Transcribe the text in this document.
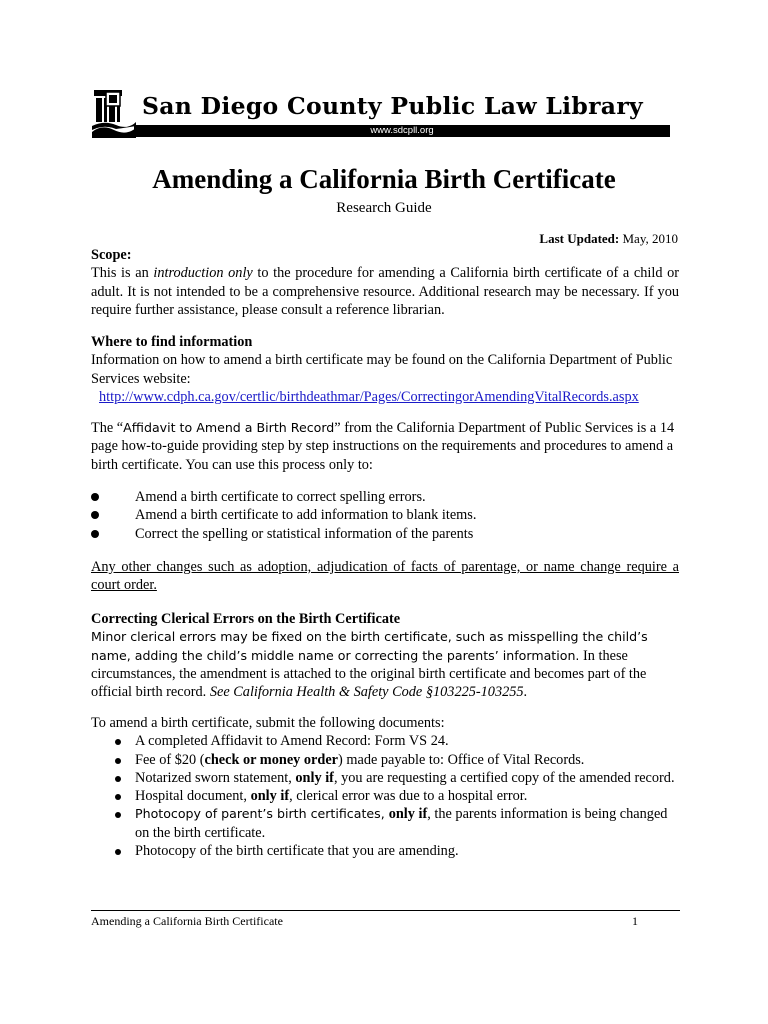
San Diego County Public Law Library
www.sdcpll.org
Amending a California Birth Certificate
Research Guide
Last Updated: May, 2010

Scope:

This is an introduction only to the procedure for amending a California birth certificate of a child or adult. It is not intended to be a comprehensive resource. Additional research may be necessary. If you require further assistance, please consult a reference librarian.

Where to find information

Information on how to amend a birth certificate may be found on the California Department of Public Services website:

http://www.cdph.ca.gov/certlic/birthdeathmar/Pages/CorrectingorAmendingVitalRecords.aspx

The “Affidavit to Amend a Birth Record” from the California Department of Public Services is a 14 page how-to-guide providing step by step instructions on the requirements and procedures to amend a birth certificate. You can use this process only to:

Amend a birth certificate to correct spelling errors.
Amend a birth certificate to add information to blank items.
Correct the spelling or statistical information of the parents

Any other changes such as adoption, adjudication of facts of parentage, or name change require a court order.

Correcting Clerical Errors on the Birth Certificate

Minor clerical errors may be fixed on the birth certificate, such as misspelling the child’s name, adding the child’s middle name or correcting the parents’ information. In these circumstances, the amendment is attached to the original birth certificate and becomes part of the official birth record. See California Health & Safety Code §103225-103255.

To amend a birth certificate, submit the following documents:

A completed Affidavit to Amend Record: Form VS 24.
Fee of $20 (check or money order) made payable to: Office of Vital Records.
Notarized sworn statement, only if, you are requesting a certified copy of the amended record.
Hospital document, only if, clerical error was due to a hospital error.
Photocopy of parent’s birth certificates, only if, the parents information is being changed on the birth certificate.
Photocopy of the birth certificate that you are amending.
Amending a California Birth Certificate	1
